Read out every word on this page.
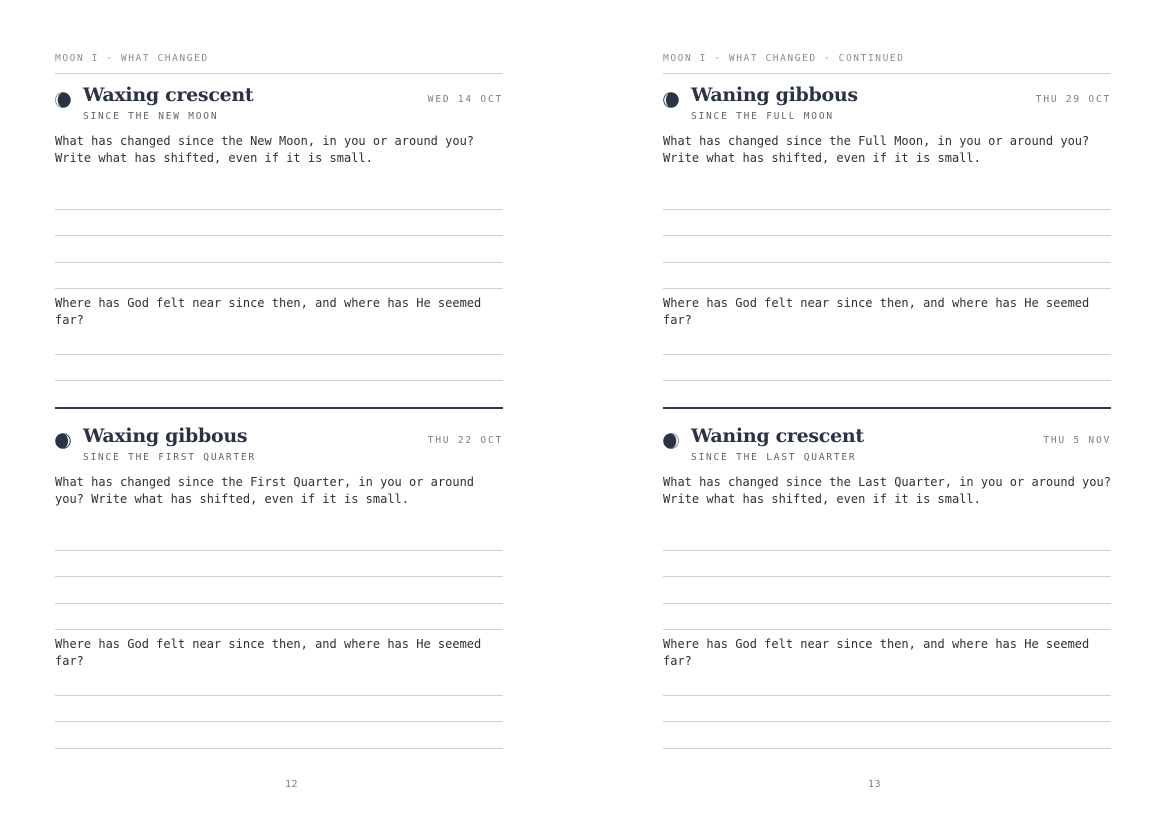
MOON I · WHAT CHANGED
Waxing crescent
SINCE THE NEW MOON
WED 14 OCT
What has changed since the New Moon, in you or around you? Write what has shifted, even if it is small.
Where has God felt near since then, and where has He seemed far?
Waxing gibbous
SINCE THE FIRST QUARTER
THU 22 OCT
What has changed since the First Quarter, in you or around you? Write what has shifted, even if it is small.
Where has God felt near since then, and where has He seemed far?
12
MOON I · WHAT CHANGED · CONTINUED
Waning gibbous
SINCE THE FULL MOON
THU 29 OCT
What has changed since the Full Moon, in you or around you? Write what has shifted, even if it is small.
Where has God felt near since then, and where has He seemed far?
Waning crescent
SINCE THE LAST QUARTER
THU 5 NOV
What has changed since the Last Quarter, in you or around you? Write what has shifted, even if it is small.
Where has God felt near since then, and where has He seemed far?
13
